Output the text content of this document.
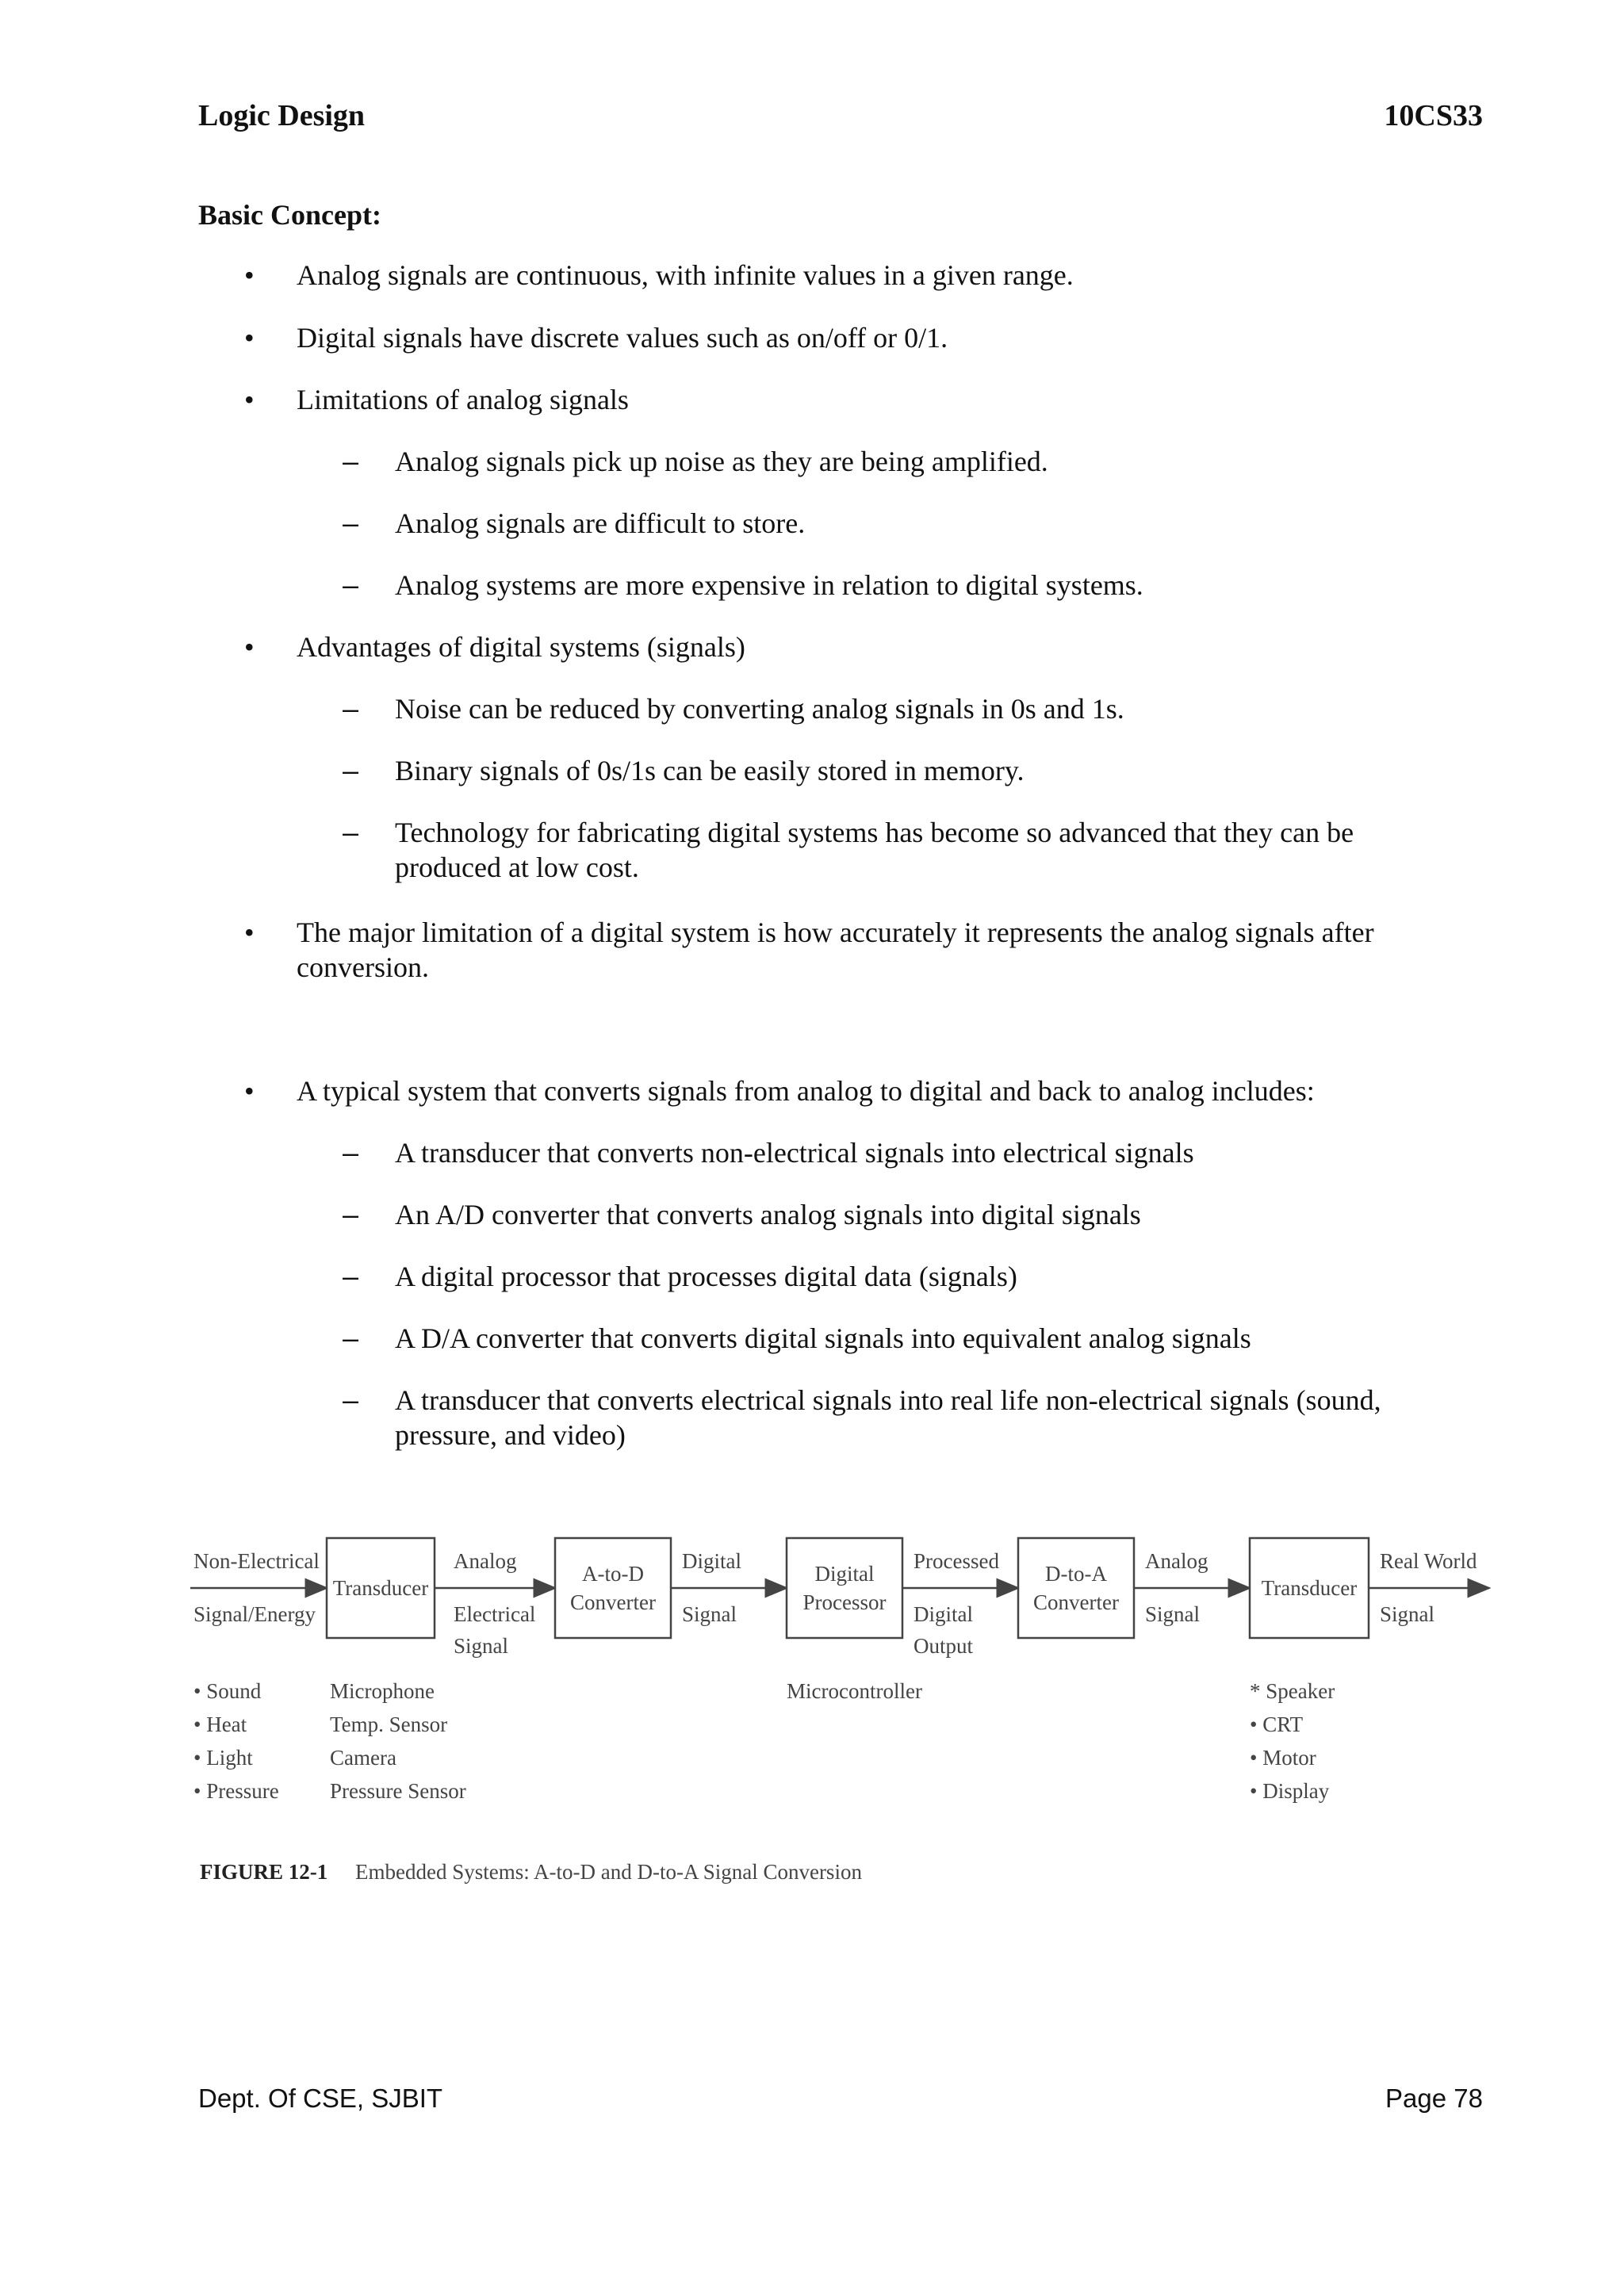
Logic Design	10CS33
Basic Concept:
• Analog signals are continuous, with infinite values in a given range.
• Digital signals have discrete values such as on/off or 0/1.
• Limitations of analog signals
– Analog signals pick up noise as they are being amplified.
– Analog signals are difficult to store.
– Analog systems are more expensive in relation to digital systems.
• Advantages of digital systems (signals)
– Noise can be reduced by converting analog signals in 0s and 1s.
– Binary signals of 0s/1s can be easily stored in memory.
– Technology for fabricating digital systems has become so advanced that they can be produced at low cost.
• The major limitation of a digital system is how accurately it represents the analog signals after conversion.
• A typical system that converts signals from analog to digital and back to analog includes:
– A transducer that converts non-electrical signals into electrical signals
– An A/D converter that converts analog signals into digital signals
– A digital processor that processes digital data (signals)
– A D/A converter that converts digital signals into equivalent analog signals
– A transducer that converts electrical signals into real life non-electrical signals (sound, pressure, and video)
Transducer
A-to-D
Converter
Digital
Processor
D-to-A
Converter
Transducer
Non-Electrical
Signal/Energy
Analog
Electrical
Signal
Digital
Signal
Processed
Digital
Output
Analog
Signal
Real World
Signal
• Sound
• Heat
• Light
• Pressure
Microphone
Temp. Sensor
Camera
Pressure Sensor
Microcontroller	* Speaker
• CRT
• Motor
• Display
FIGURE 12-1 Embedded Systems: A-to-D and D-to-A Signal Conversion
Dept. Of CSE, SJBIT	Page 78
